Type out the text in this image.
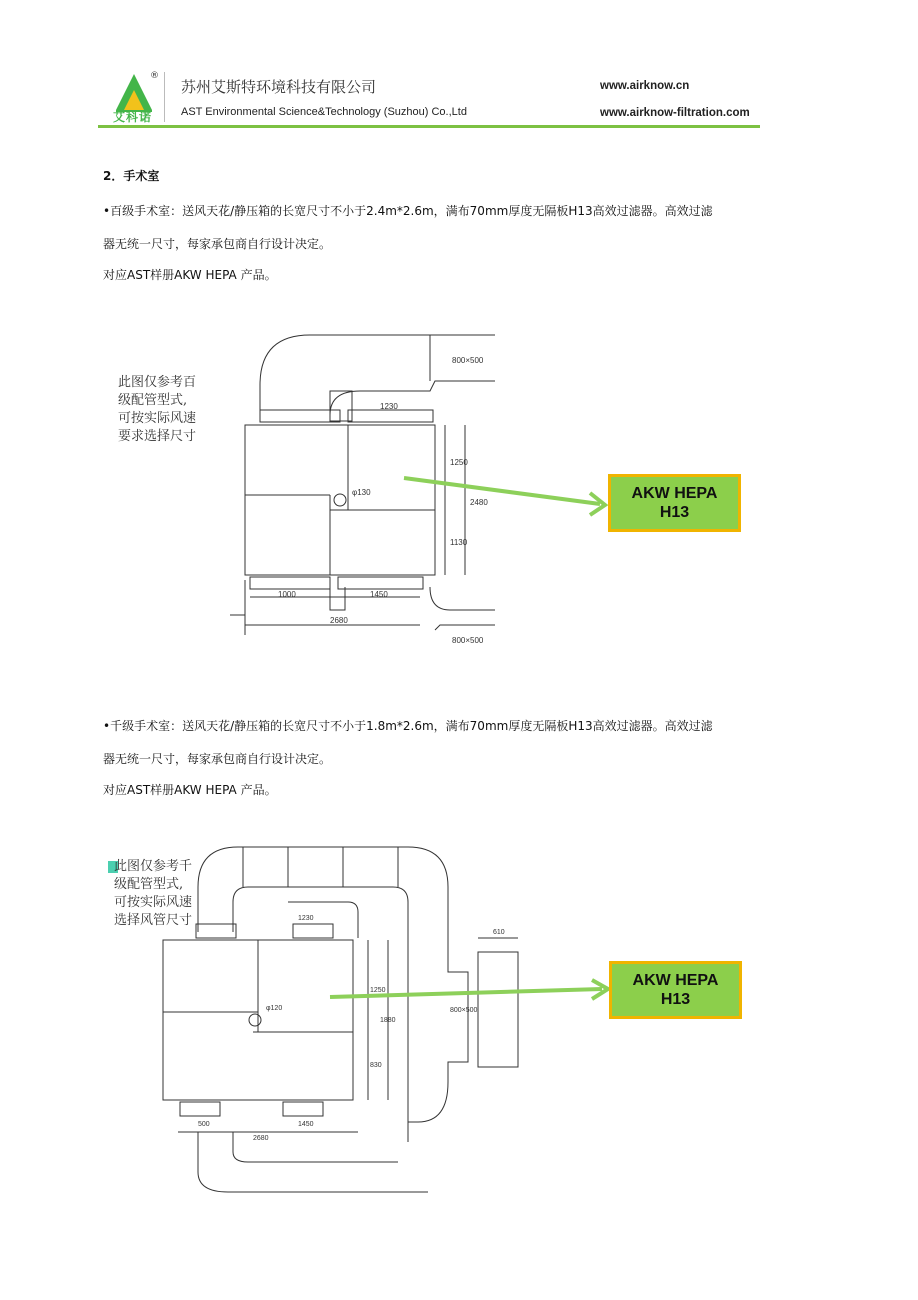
®
艾科诺
苏州艾斯特环境科技有限公司
AST Environmental Science&Technology (Suzhou) Co.,Ltd
www.airknow.cn
www.airknow-filtration.com
2．手术室
•百级手术室：送风天花/静压箱的长宽尺寸不小于2.4m*2.6m，满布70mm厚度无隔板H13高效过滤器。高效过滤
器无统一尺寸，每家承包商自行设计决定。
对应AST样册AKW HEPA 产品。
此图仅参考百级配管型式,可按实际风速要求选择尺寸
1230
1250
2480
1130
1000	1450
2680
800×500
800×500
φ130	AKW HEPA
H13
•千级手术室：送风天花/静压箱的长宽尺寸不小于1.8m*2.6m，满布70mm厚度无隔板H13高效过滤器。高效过滤
器无统一尺寸，每家承包商自行设计决定。
对应AST样册AKW HEPA 产品。
此图仅参考千级配管型式,可按实际风速选择风管尺寸	1230
1250
1880
830
500	1450
2680
610
800×500
φ120
AKW HEPA
H13
